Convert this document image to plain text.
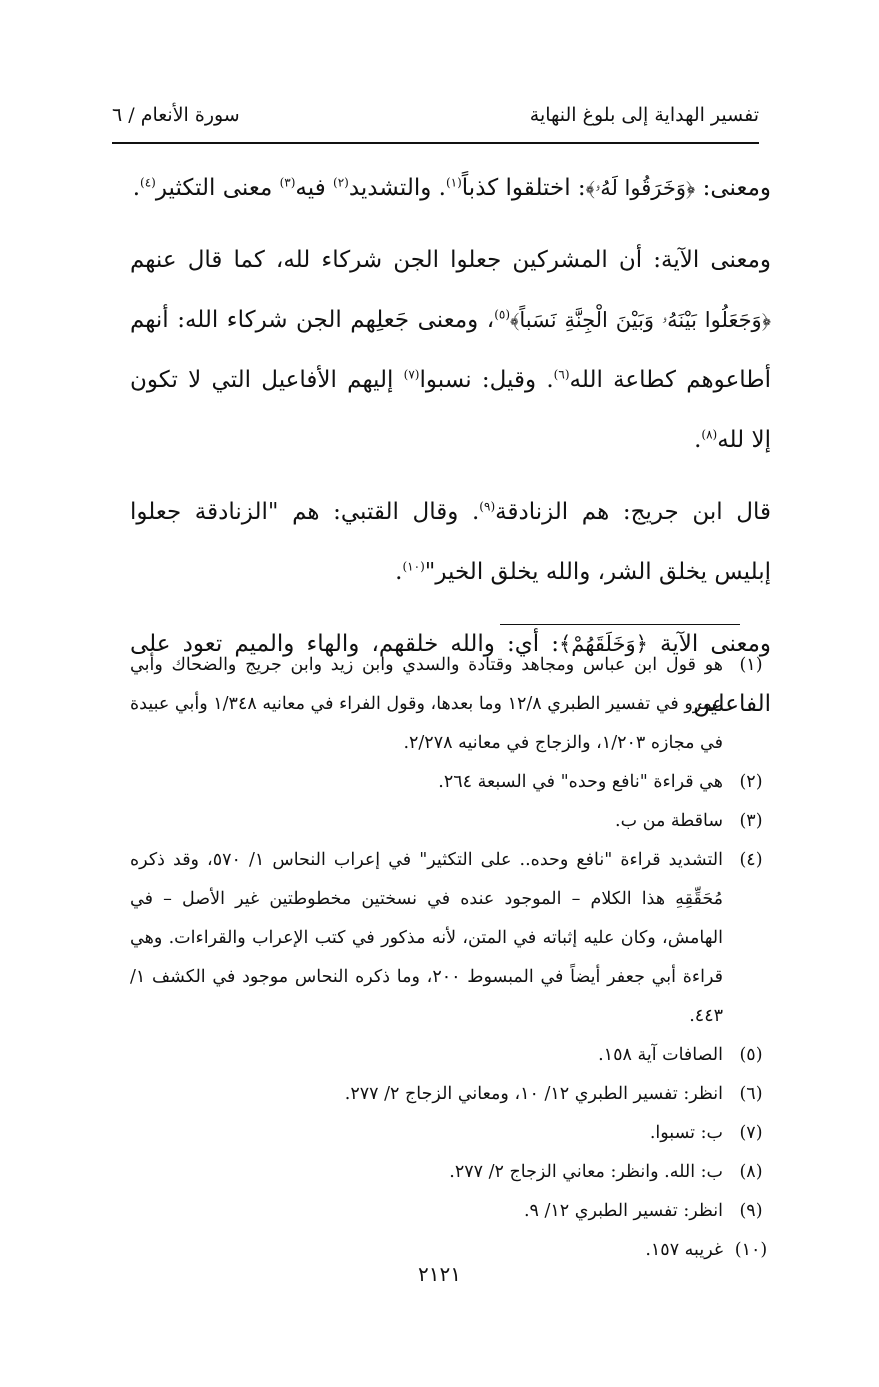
تفسير الهداية إلى بلوغ النهاية
سورة الأنعام / ٦

ومعنى: ﴿وَخَرَقُوا لَهُۥ﴾: اختلقوا كذباً$^{(١)}$. والتشديد$^{(٢)}$ فيه$^{(٣)}$ معنى التكثير$^{(٤)}$.

ومعنى الآية: أن المشركين جعلوا الجن شركاء لله، كما قال عنهم ﴿وَجَعَلُوا بَيْنَهُۥ وَبَيْنَ الْجِنَّةِ نَسَباً﴾$^{(٥)}$، ومعنى جَعلِهم الجن شركاء الله: أنهم أطاعوهم كطاعة الله$^{(٦)}$. وقيل: نسبوا$^{(٧)}$ إليهم الأفاعيل التي لا تكون إلا لله$^{(٨)}$.

قال ابن جريج: هم الزنادقة$^{(٩)}$. وقال القتبي: هم "الزنادقة جعلوا إبليس يخلق الشر، والله يخلق الخير"$^{(١٠)}$.

ومعنى الآية ﴿وَخَلَقَهُمْ﴾: أي: والله خلقهم، والهاء والميم تعود على الفاعلين

(١)
هو قول ابن عباس ومجاهد وقتادة والسدي وابن زيد وابن جريج والضحاك وأبي عمرو في تفسير الطبري ١٢/٨ وما بعدها، وقول الفراء في معانيه ١/٣٤٨ وأبي عبيدة في مجازه ١/٢٠٣، والزجاج في معانيه ٢/٢٧٨.
(٢)
هي قراءة "نافع وحده" في السبعة ٢٦٤.
(٣)
ساقطة من ب.
(٤)
التشديد قراءة "نافع وحده.. على التكثير" في إعراب النحاس ١/ ٥٧٠، وقد ذكره مُحَقِّقِهِ هذا الكلام – الموجود عنده في نسختين مخطوطتين غير الأصل – في الهامش، وكان عليه إثباته في المتن، لأنه مذكور في كتب الإعراب والقراءات. وهي قراءة أبي جعفر أيضاً في المبسوط ٢٠٠، وما ذكره النحاس موجود في الكشف ١/ ٤٤٣.
(٥)
الصافات آية ١٥٨.
(٦)
انظر: تفسير الطبري ١٢/ ١٠، ومعاني الزجاج ٢/ ٢٧٧.
(٧)
ب: تسبوا.
(٨)
ب: الله. وانظر: معاني الزجاج ٢/ ٢٧٧.
(٩)
انظر: تفسير الطبري ١٢/ ٩.
(١٠)
غريبه ١٥٧.
٢١٢١
